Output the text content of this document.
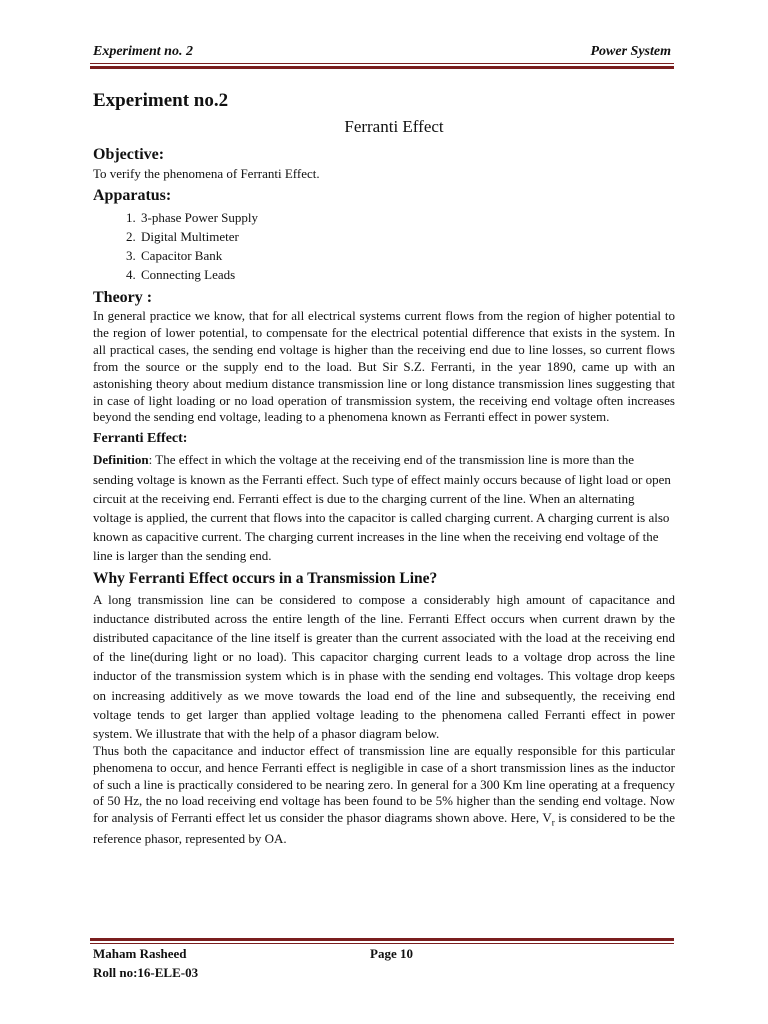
Experiment no. 2	Power System
Experiment no.2
Ferranti Effect
Objective:

To verify the phenomena of Ferranti Effect.

Apparatus:
1. 3-phase Power Supply
2. Digital Multimeter
3. Capacitor Bank
4. Connecting Leads
Theory :

In general practice we know, that for all electrical systems current flows from the region of higher potential to the region of lower potential, to compensate for the electrical potential difference that exists in the system. In all practical cases, the sending end voltage is higher than the receiving end due to line losses, so current flows from the source or the supply end to the load. But Sir S.Z. Ferranti, in the year 1890, came up with an astonishing theory about medium distance transmission line or long distance transmission lines suggesting that in case of light loading or no load operation of transmission system, the receiving end voltage often increases beyond the sending end voltage, leading to a phenomena known as Ferranti effect in power system.

Ferranti Effect:

Definition: The effect in which the voltage at the receiving end of the transmission line is more than the sending voltage is known as the Ferranti effect. Such type of effect mainly occurs because of light load or open circuit at the receiving end. Ferranti effect is due to the charging current of the line. When an alternating voltage is applied, the current that flows into the capacitor is called charging current. A charging current is also known as capacitive current. The charging current increases in the line when the receiving end voltage of the line is larger than the sending end.

Why Ferranti Effect occurs in a Transmission Line?

A long transmission line can be considered to compose a considerably high amount of capacitance and inductance distributed across the entire length of the line. Ferranti Effect occurs when current drawn by the distributed capacitance of the line itself is greater than the current associated with the load at the receiving end of the line(during light or no load). This capacitor charging current leads to a voltage drop across the line inductor of the transmission system which is in phase with the sending end voltages. This voltage drop keeps on increasing additively as we move towards the load end of the line and subsequently, the receiving end voltage tends to get larger than applied voltage leading to the phenomena called Ferranti effect in power system. We illustrate that with the help of a phasor diagram below.

Thus both the capacitance and inductor effect of transmission line are equally responsible for this particular phenomena to occur, and hence Ferranti effect is negligible in case of a short transmission lines as the inductor of such a line is practically considered to be nearing zero. In general for a 300 Km line operating at a frequency of 50 Hz, the no load receiving end voltage has been found to be 5% higher than the sending end voltage. Now for analysis of Ferranti effect let us consider the phasor diagrams shown above. Here, $V_r$ is considered to be the reference phasor, represented by OA.

Maham Rasheed	Page 10
Roll no:16-ELE-03
